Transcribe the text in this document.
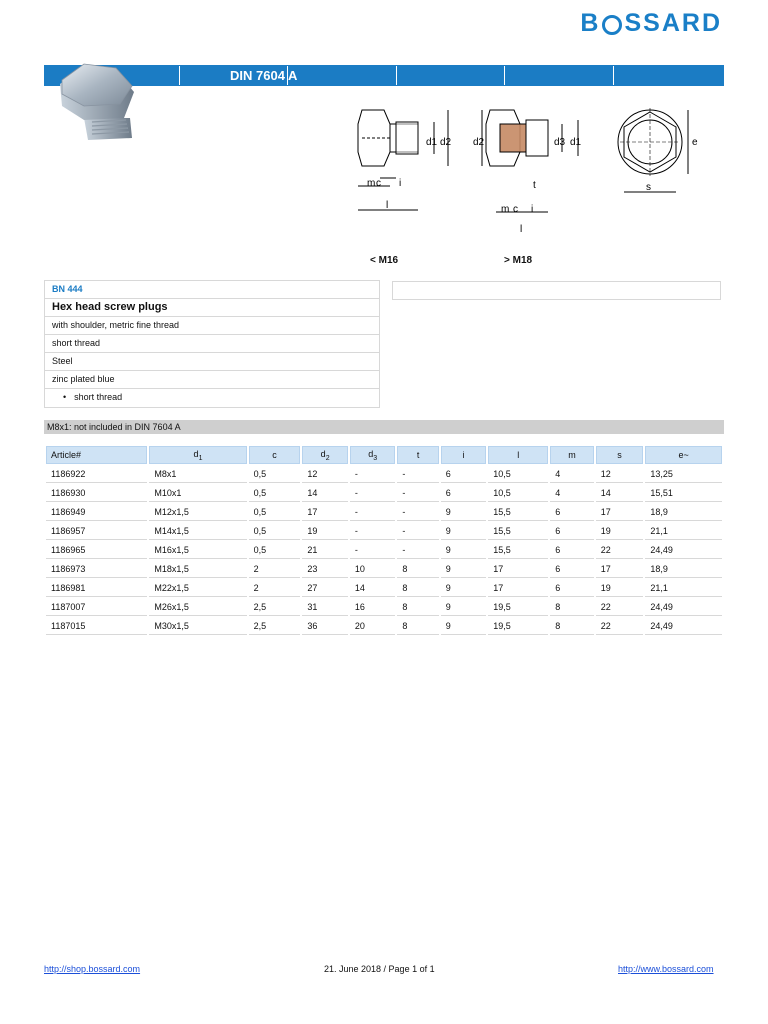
B SSARD
DIN 7604 A
m c i
l
d1 d2 d2
m c i
t
l
d3 d1
s
e
< M16	> M18
BN 444
Hex head screw plugs
with shoulder, metric fine thread
short thread
Steel
zinc plated blue
• short thread
M8x1: not included in DIN 7604 A
Article#	$d_1$	c	$d_2$	$d_3$	t	i	l	m	s	e~
1186922	M8x1	0,5	12	-	-	6	10,5	4	12	13,25
1186930	M10x1	0,5	14	-	-	6	10,5	4	14	15,51
1186949	M12x1,5	0,5	17	-	-	9	15,5	6	17	18,9
1186957	M14x1,5	0,5	19	-	-	9	15,5	6	19	21,1
1186965	M16x1,5	0,5	21	-	-	9	15,5	6	22	24,49
1186973	M18x1,5	2	23	10	8	9	17	6	17	18,9
1186981	M22x1,5	2	27	14	8	9	17	6	19	21,1
1187007	M26x1,5	2,5	31	16	8	9	19,5	8	22	24,49
1187015	M30x1,5	2,5	36	20	8	9	19,5	8	22	24,49
http://shop.bossard.com	21. June 2018 / Page 1 of 1	http://www.bossard.com
